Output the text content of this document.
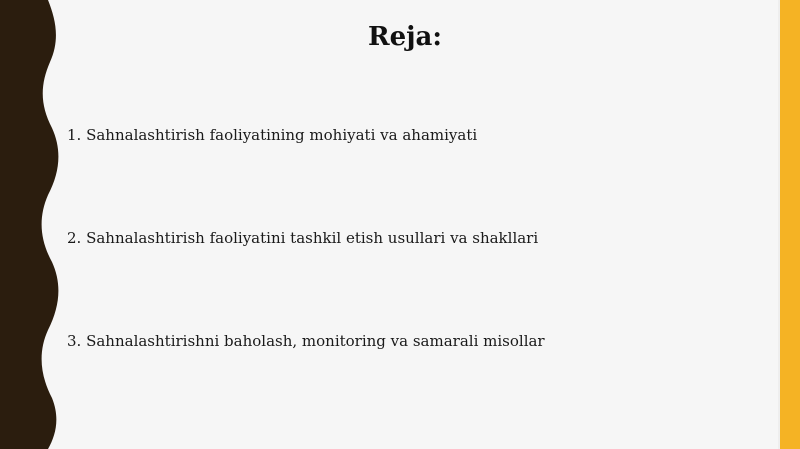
Reja:
1. Sahnalashtirish faoliyatining mohiyati va ahamiyati
2. Sahnalashtirish faoliyatini tashkil etish usullari va shakllari
3. Sahnalashtirishni baholash, monitoring va samarali misollar
